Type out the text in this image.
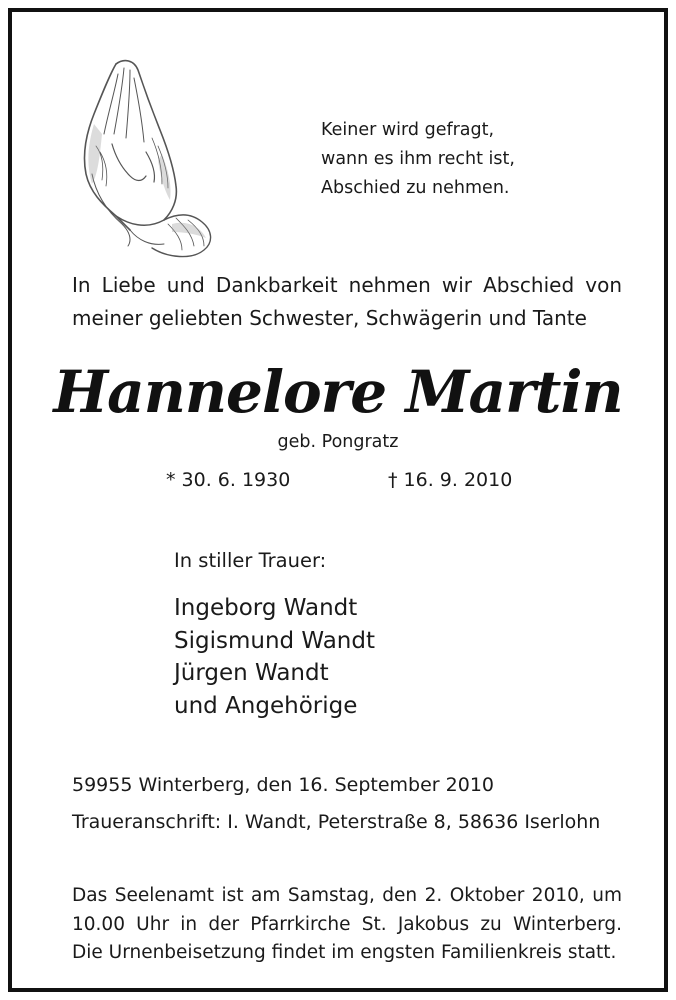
Keiner wird gefragt,
wann es ihm recht ist,
Abschied zu nehmen.

In Liebe und Dankbarkeit nehmen wir Abschied von
meiner geliebten Schwester, Schwägerin und Tante

Hannelore Martin

geb. Pongratz

* 30. 6. 1930	† 16. 9. 2010

In stiller Trauer:

Ingeborg Wandt
Sigismund Wandt
Jürgen Wandt
und Angehörige

59955 Winterberg, den 16. September 2010

Traueranschrift: I. Wandt, Peterstraße 8, 58636 Iserlohn

Das Seelenamt ist am Samstag, den 2. Oktober 2010, um
10.00 Uhr in der Pfarrkirche St. Jakobus zu Winterberg.
Die Urnenbeisetzung findet im engsten Familienkreis statt.
